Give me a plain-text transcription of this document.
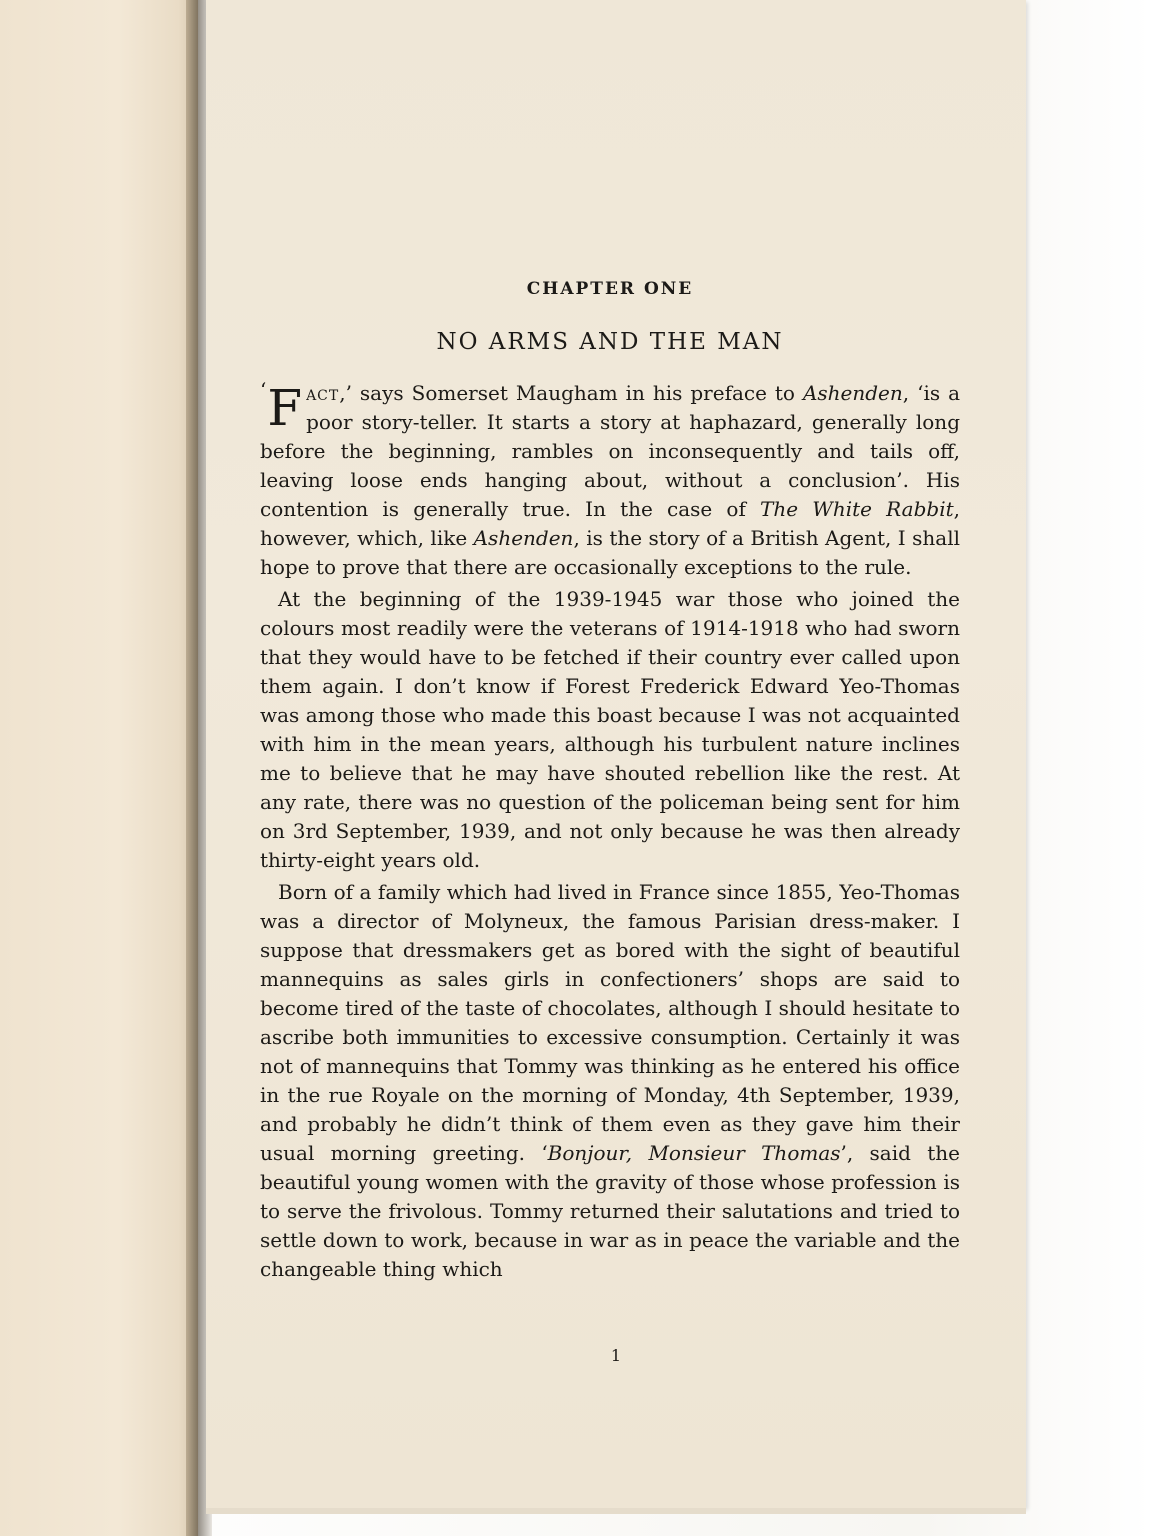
CHAPTER ONE
NO ARMS AND THE MAN

‘ F act,’ says Somerset Maugham in his preface to Ashenden, ‘is a poor story-teller. It starts a story at haphazard, generally long before the beginning, rambles on inconsequently and tails off, leaving loose ends hanging about, without a conclusion’. His contention is generally true. In the case of The White Rabbit, however, which, like Ashenden, is the story of a British Agent, I shall hope to prove that there are occasionally exceptions to the rule.

At the beginning of the 1939-1945 war those who joined the colours most readily were the veterans of 1914-1918 who had sworn that they would have to be fetched if their country ever called upon them again. I don’t know if Forest Frederick Edward Yeo-Thomas was among those who made this boast because I was not acquainted with him in the mean years, although his turbulent nature inclines me to believe that he may have shouted rebellion like the rest. At any rate, there was no question of the policeman being sent for him on 3rd September, 1939, and not only because he was then already thirty-eight years old.

Born of a family which had lived in France since 1855, Yeo-Thomas was a director of Molyneux, the famous Parisian dress-maker. I suppose that dressmakers get as bored with the sight of beautiful mannequins as sales girls in confectioners’ shops are said to become tired of the taste of chocolates, although I should hesitate to ascribe both immunities to excessive consumption. Certainly it was not of mannequins that Tommy was thinking as he entered his office in the rue Royale on the morning of Monday, 4th September, 1939, and probably he didn’t think of them even as they gave him their usual morning greeting. ‘Bonjour, Monsieur Thomas’, said the beautiful young women with the gravity of those whose profession is to serve the frivolous. Tommy returned their salutations and tried to settle down to work, because in war as in peace the variable and the changeable thing which

1
